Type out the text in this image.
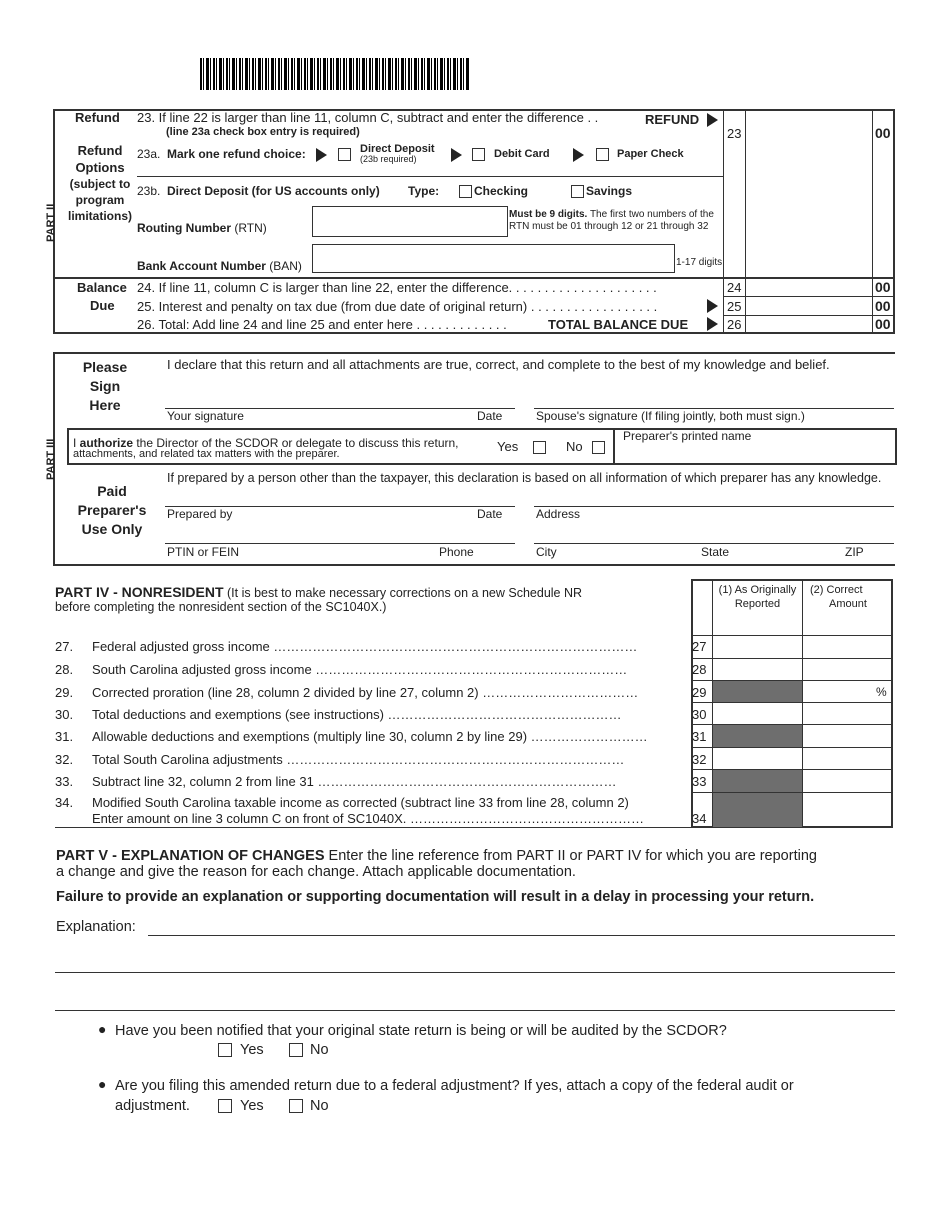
PART II
Refund 23. If line 22 is larger than line 11, column C, subtract and enter the difference . .	REFUND
(line 23a check box entry is required)	23	00
Refund
Options
(subject to
program
limitations)
23a. Mark one refund choice:	Direct Deposit
(23b required)	Debit Card	Paper Check
23b. Direct Deposit (for US accounts only) Type:	Checking	Savings
Routing Number (RTN)
Must be 9 digits. The first two numbers of the
RTN must be 01 through 12 or 21 through 32
Bank Account Number (BAN)	1-17 digits
Balance
Due
24. If line 11, column C is larger than line 22, enter the difference. . . . . . . . . . . . . . . . . . . . .	24	00
25. Interest and penalty on tax due (from due date of original return) . . . . . . . . . . . . . . . . . .	25	00
26. Total: Add line 24 and line 25 and enter here . . . . . . . . . . . . .	TOTAL BALANCE DUE	26	00
PART III
Please
Sign
Here
I declare that this return and all attachments are true, correct, and complete to the best of my knowledge and belief.
Your signature	Date	Spouse's signature (If filing jointly, both must sign.)
I authorize the Director of the SCDOR or delegate to discuss this return,
attachments, and related tax matters with the preparer.	Yes	No
Preparer's printed name
Paid
Preparer's
Use Only
If prepared by a person other than the taxpayer, this declaration is based on all information of which preparer has any knowledge.
Prepared by	Date	Address
PTIN or FEIN	Phone	City	State	ZIP
PART IV - NONRESIDENT (It is best to make necessary corrections on a new Schedule NR
before completing the nonresident section of the SC1040X.)
(1) As Originally
Reported
(2) Correct
Amount
27. Federal adjusted gross income …………………………………………………………………………	27
28. South Carolina adjusted gross income ………………………………………………………………	28
29. Corrected proration (line 28, column 2 divided by line 27, column 2) ………………………………	29	%
30. Total deductions and exemptions (see instructions) ………………………………………………	30
31. Allowable deductions and exemptions (multiply line 30, column 2 by line 29) ………………………	31
32. Total South Carolina adjustments ……………………………………………………………………	32
33. Subtract line 32, column 2 from line 31 ……………………………………………………………	33
34. Modified South Carolina taxable income as corrected (subtract line 33 from line 28, column 2)
Enter amount on line 3 column C on front of SC1040X. ………………………………………………	34
PART V - EXPLANATION OF CHANGES Enter the line reference from PART II or PART IV for which you are reporting
a change and give the reason for each change. Attach applicable documentation.
Failure to provide an explanation or supporting documentation will result in a delay in processing your return.
Explanation:
● Have you been notified that your original state return is being or will be audited by the SCDOR?
Yes	No
● Are you filing this amended return due to a federal adjustment? If yes, attach a copy of the federal audit or
adjustment.	Yes	No
